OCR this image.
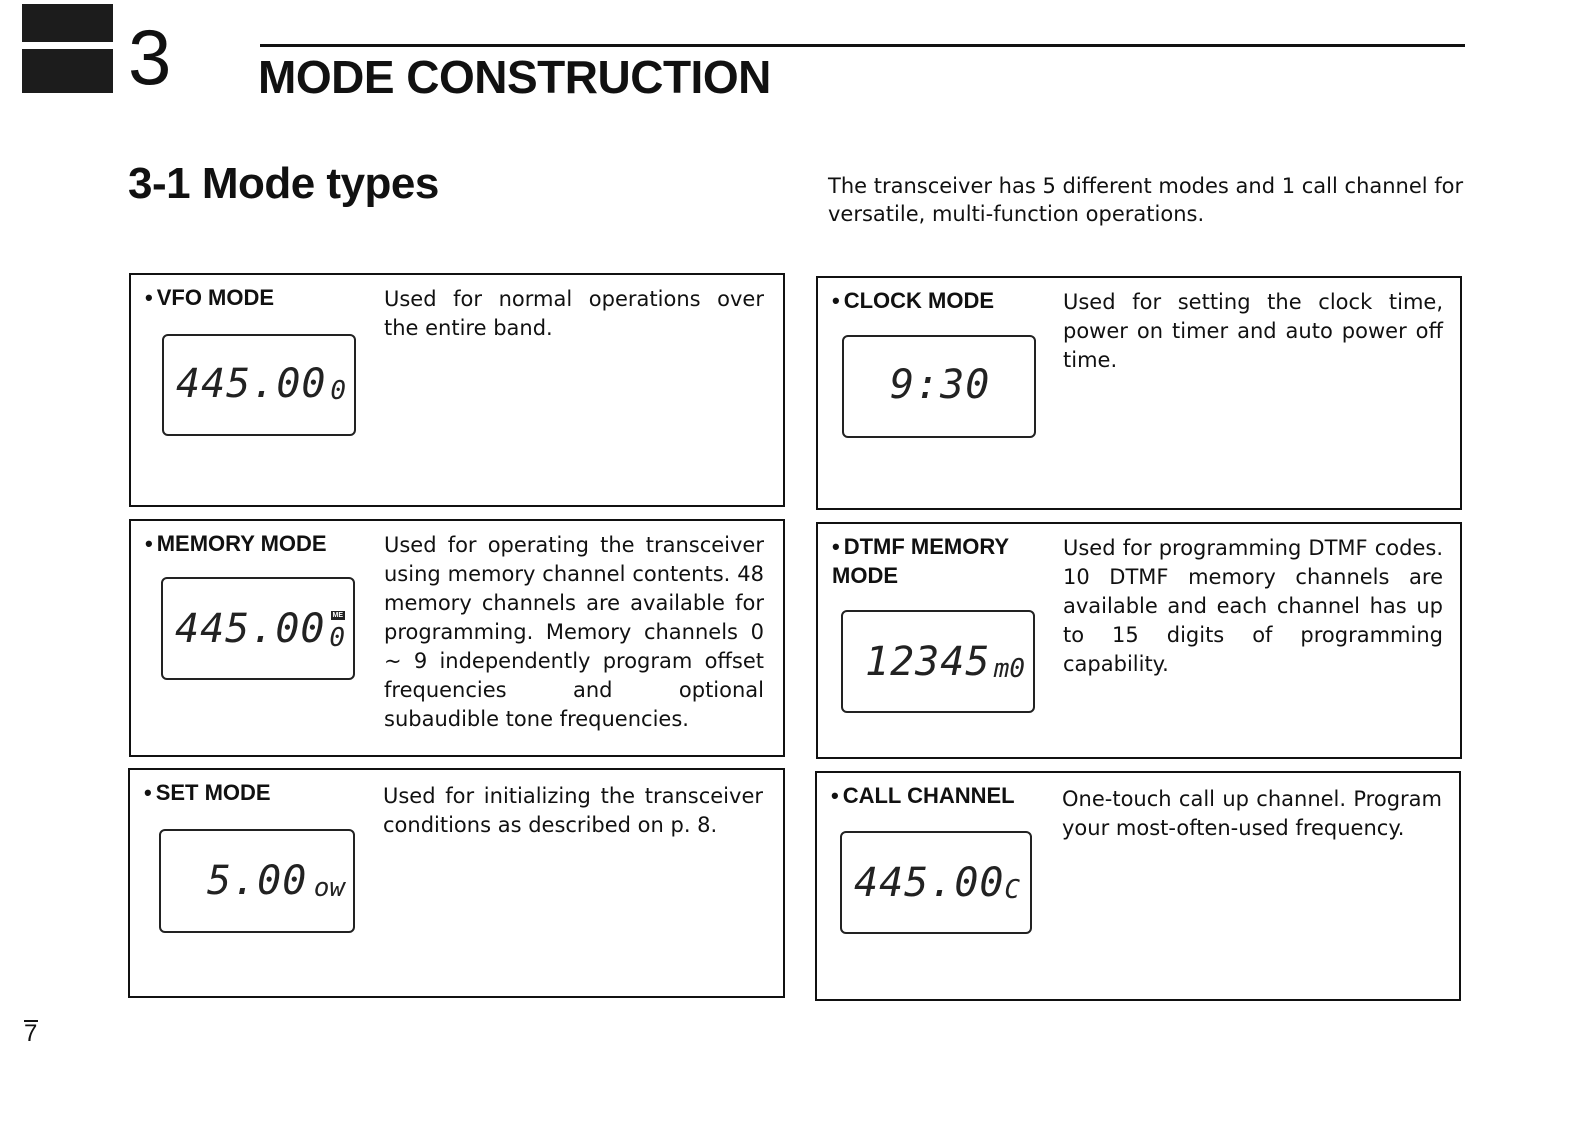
3 MODE CONSTRUCTION
3-1 Mode types	The transceiver has 5 different modes and 1 call channel for versatile, multi-function operations.

• VFO MODE	Used for normal operations over the entire band.

445.00 0
• CLOCK MODE	Used for setting the clock time, power on timer and auto power off time.

9:30
• MEMORY MODE	Used for operating the transceiver using memory channel contents. 48 memory channels are available for programming. Memory channels 0 ~ 9 independently program offset frequencies and optional subaudible tone frequencies.

445.00 ME
0
• DTMF MEMORY MODE

Used for programming DTMF codes. 10 DTMF memory channels are available and each channel has up to 15 digits of programming capability.

12345 m0
• SET MODE	Used for initializing the transceiver conditions as described on p. 8.

5.00 ow
• CALL CHANNEL One-touch call up channel. Program your most-often-used frequency.

445.00 C

7
